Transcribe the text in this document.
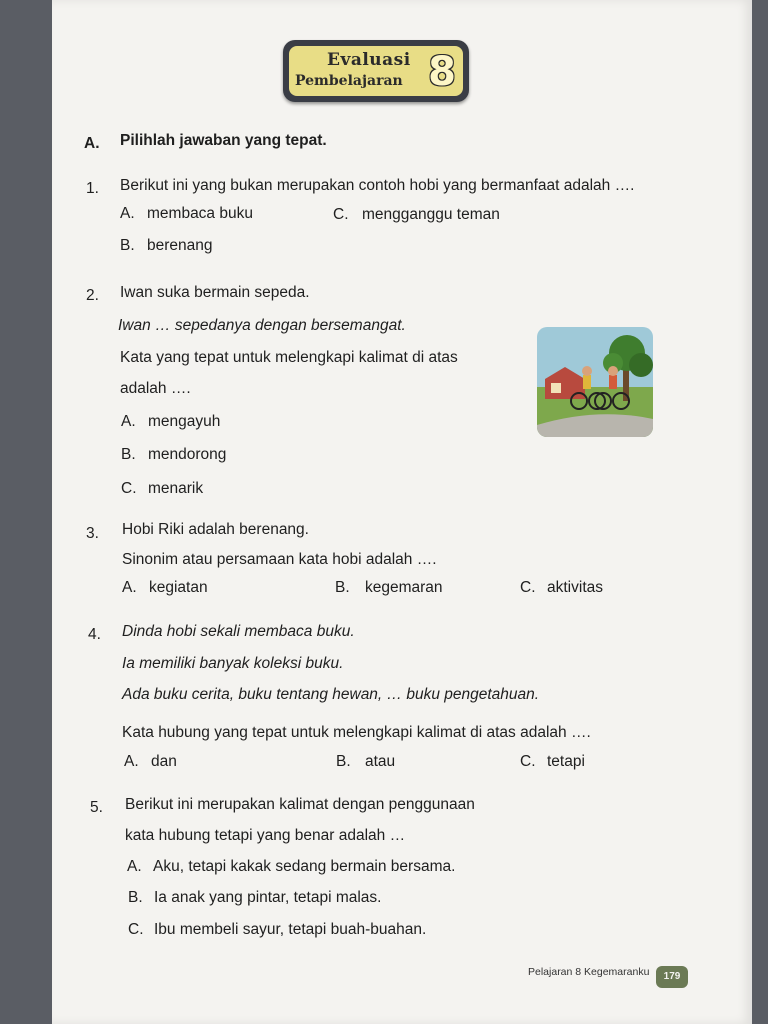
Evaluasi
Pembelajaran 8
A. Pilihlah jawaban yang tepat.
1. Berikut ini yang bukan merupakan contoh hobi yang bermanfaat adalah ….
A. membaca buku	C. mengganggu teman
B. berenang
2. Iwan suka bermain sepeda.
Iwan … sepedanya dengan bersemangat.
Kata yang tepat untuk melengkapi kalimat di atas
adalah ….
A. mengayuh
B. mendorong
C. menarik
3. Hobi Riki adalah berenang.
Sinonim atau persamaan kata hobi adalah ….
A. kegiatan	B. kegemaran	C. aktivitas
4. Dinda hobi sekali membaca buku.
Ia memiliki banyak koleksi buku.
Ada buku cerita, buku tentang hewan, … buku pengetahuan.
Kata hubung yang tepat untuk melengkapi kalimat di atas adalah ….
A. dan	B. atau	C. tetapi
5. Berikut ini merupakan kalimat dengan penggunaan
kata hubung tetapi yang benar adalah …
A. Aku, tetapi kakak sedang bermain bersama.
B. Ia anak yang pintar, tetapi malas.
C. Ibu membeli sayur, tetapi buah-buahan.
Pelajaran 8 Kegemaranku	179
